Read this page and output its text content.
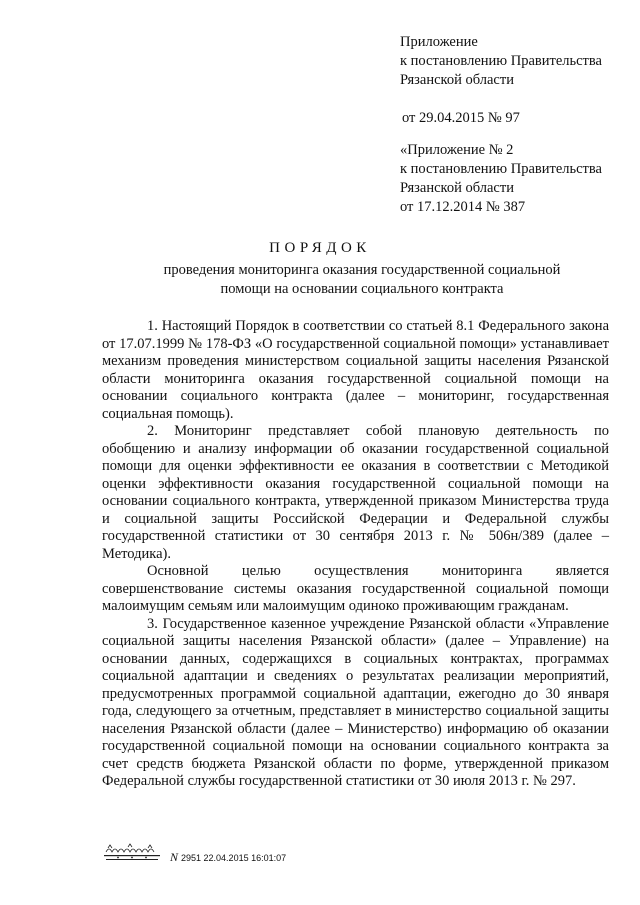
Приложение
к постановлению Правительства
Рязанской области
от 29.04.2015 № 97
«Приложение № 2
к постановлению Правительства
Рязанской области
от 17.12.2014 № 387
ПОРЯДОК
проведения мониторинга оказания государственной социальной помощи на основании социального контракта

1. Настоящий Порядок в соответствии со статьей 8.1 Федерального закона от 17.07.1999 № 178-ФЗ «О государственной социальной помощи» устанавливает механизм проведения министерством социальной защиты населения Рязанской области мониторинга оказания государственной социальной помощи на основании социального контракта (далее – мониторинг, государственная социальная помощь).

2. Мониторинг представляет собой плановую деятельность по обобщению и анализу информации об оказании государственной социальной помощи для оценки эффективности ее оказания в соответствии с Методикой оценки эффективности оказания государственной социальной помощи на основании социального контракта, утвержденной приказом Министерства труда и социальной защиты Российской Федерации и Федеральной службы государственной статистики от 30 сентября 2013 г. № 506н/389 (далее – Методика).

Основной целью осуществления мониторинга является совершенствование системы оказания государственной социальной помощи малоимущим семьям или малоимущим одиноко проживающим гражданам.

3. Государственное казенное учреждение Рязанской области «Управление социальной защиты населения Рязанской области» (далее – Управление) на основании данных, содержащихся в социальных контрактах, программах социальной адаптации и сведениях о результатах реализации мероприятий, предусмотренных программой социальной адаптации, ежегодно до 30 января года, следующего за отчетным, представляет в министерство социальной защиты населения Рязанской области (далее – Министерство) информацию об оказании государственной социальной помощи на основании социального контракта за счет средств бюджета Рязанской области по форме, утвержденной приказом Федеральной службы государственной статистики от 30 июля 2013 г. № 297.

N 2951 22.04.2015 16:01:07
